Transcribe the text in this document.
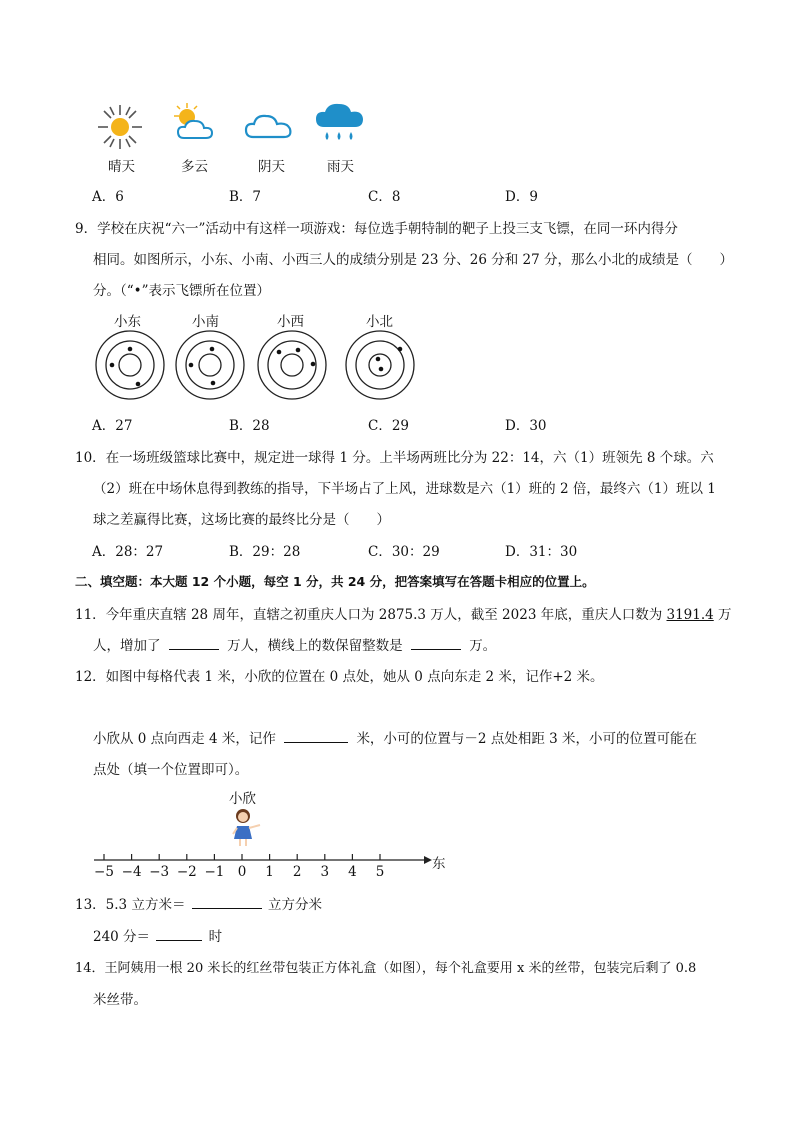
晴天	多云	阴天	雨天
A．6	B．7	C．8	D．9
9．学校在庆祝“六一”活动中有这样一项游戏：每位选手朝特制的靶子上投三支飞镖，在同一环内得分
相同。如图所示，小东、小南、小西三人的成绩分别是 23 分、26 分和 27 分，那么小北的成绩是（　　）
分。（“•”表示飞镖所在位置）
小东	小南	小西	小北
A．27	B．28	C．29	D．30
10．在一场班级篮球比赛中，规定进一球得 1 分。上半场两班比分为 22：14，六（1）班领先 8 个球。六
（2）班在中场休息得到教练的指导，下半场占了上风，进球数是六（1）班的 2 倍，最终六（1）班以 1
球之差赢得比赛，这场比赛的最终比分是（　　）
A．28：27	B．29：28	C．30：29	D．31：30
二、填空题：本大题 12 个小题，每空 1 分，共 24 分，把答案填写在答题卡相应的位置上。
11．今年重庆直辖 28 周年，直辖之初重庆人口为 2875.3 万人，截至 2023 年底，重庆人口数为 3191.4 万
人，增加了	万人，横线上的数保留整数是	万。
12．如图中每格代表 1 米，小欣的位置在 0 点处，她从 0 点向东走 2 米，记作+2 米。
小欣从 0 点向西走 4 米，记作	米，小可的位置与－2 点处相距 3 米，小可的位置可能在
点处（填一个位置即可）。
小欣
−5 −4 −3 −2 −1 0 1 2 3 4 5	东
13．5.3 立方米＝	立方分米
240 分＝	时
14．王阿姨用一根 20 米长的红丝带包装正方体礼盒（如图），每个礼盒要用 x 米的丝带，包装完后剩了 0.8
米丝带。
